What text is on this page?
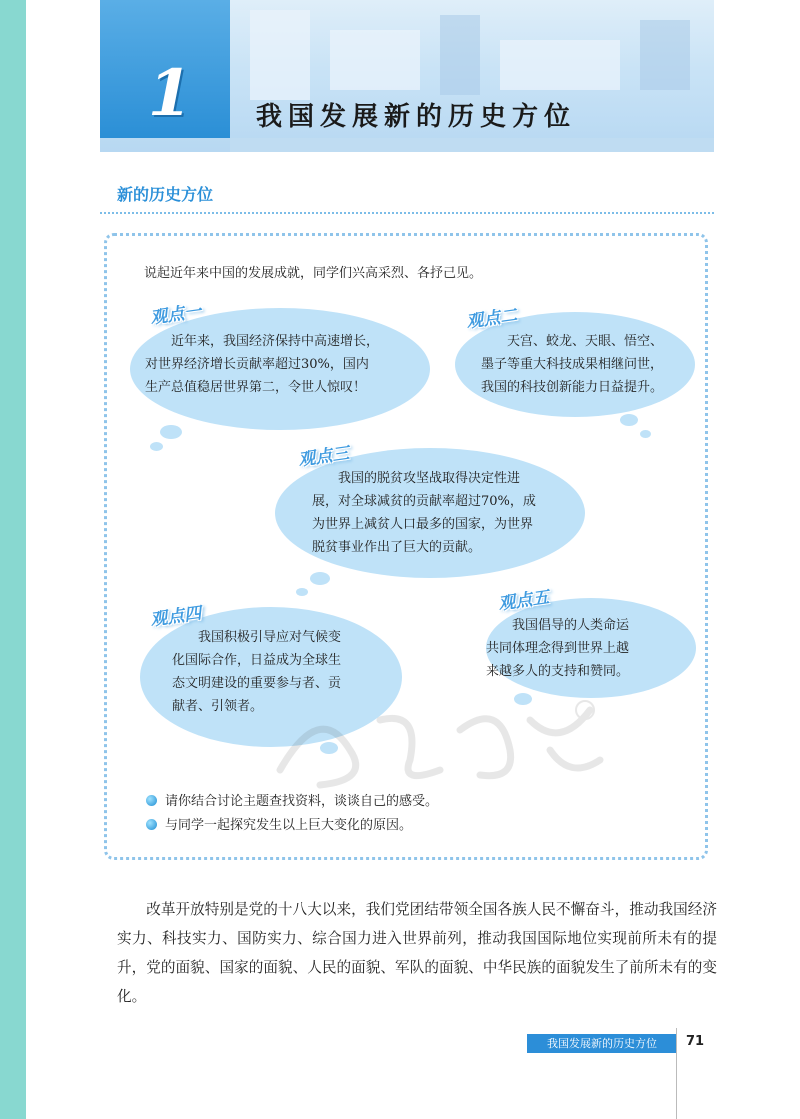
1 我国发展新的历史方位
新的历史方位
说起近年来中国的发展成就，同学们兴高采烈、各抒己见。
观点一
近年来，我国经济保持中高速增长，
对世界经济增长贡献率超过30%，国内
生产总值稳居世界第二，令世人惊叹！
观点二
天宫、蛟龙、天眼、悟空、
墨子等重大科技成果相继问世，
我国的科技创新能力日益提升。
观点三
我国的脱贫攻坚战取得决定性进
展，对全球减贫的贡献率超过70%，成
为世界上减贫人口最多的国家，为世界
脱贫事业作出了巨大的贡献。
观点四
我国积极引导应对气候变
化国际合作，日益成为全球生
态文明建设的重要参与者、贡
献者、引领者。
观点五
我国倡导的人类命运
共同体理念得到世界上越
来越多人的支持和赞同。
请你结合讨论主题查找资料，谈谈自己的感受。
与同学一起探究发生以上巨大变化的原因。
改革开放特别是党的十八大以来，我们党团结带领全国各族人民不懈奋斗，推动我国经济实力、科技实力、国防实力、综合国力进入世界前列，推动我国国际地位实现前所未有的提升，党的面貌、国家的面貌、人民的面貌、军队的面貌、中华民族的面貌发生了前所未有的变化。
我国发展新的历史方位	71
